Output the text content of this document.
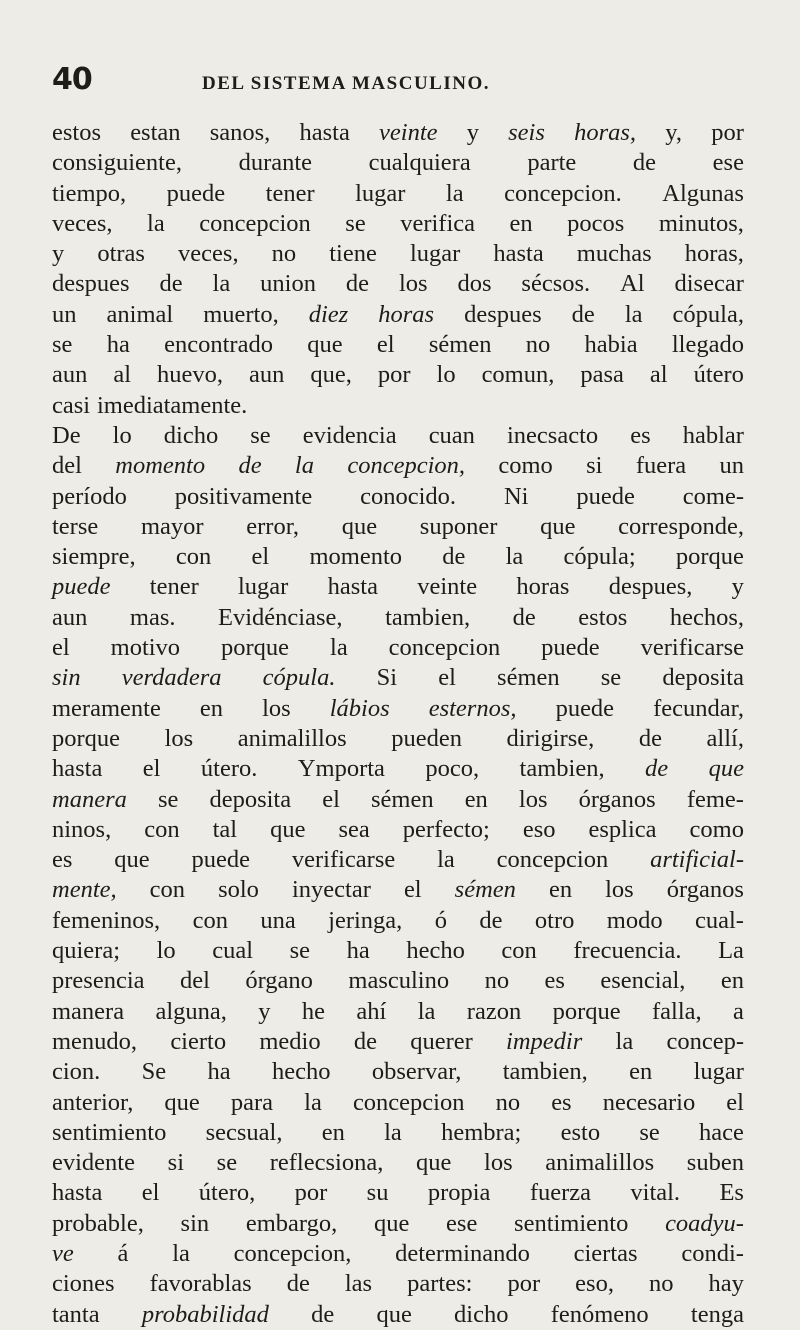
40	DEL SISTEMA MASCULINO.
estos estan sanos, hasta veinte y seis horas, y, por
consiguiente, durante cualquiera parte de ese
tiempo, puede tener lugar la concepcion. Algunas
veces, la concepcion se verifica en pocos minutos,
y otras veces, no tiene lugar hasta muchas horas,
despues de la union de los dos sécsos. Al disecar
un animal muerto, diez horas despues de la cópula,
se ha encontrado que el sémen no habia llegado
aun al huevo, aun que, por lo comun, pasa al útero
casi imediatamente.
De lo dicho se evidencia cuan inecsacto es hablar
del momento de la concepcion, como si fuera un
período positivamente conocido. Ni puede come-
terse mayor error, que suponer que corresponde,
siempre, con el momento de la cópula; porque
puede tener lugar hasta veinte horas despues, y
aun mas. Evidénciase, tambien, de estos hechos,
el motivo porque la concepcion puede verificarse
sin verdadera cópula. Si el sémen se deposita
meramente en los lábios esternos, puede fecundar,
porque los animalillos pueden dirigirse, de allí,
hasta el útero. Ymporta poco, tambien, de que
manera se deposita el sémen en los órganos feme-
ninos, con tal que sea perfecto; eso esplica como
es que puede verificarse la concepcion artificial-
mente, con solo inyectar el sémen en los órganos
femeninos, con una jeringa, ó de otro modo cual-
quiera; lo cual se ha hecho con frecuencia. La
presencia del órgano masculino no es esencial, en
manera alguna, y he ahí la razon porque falla, a
menudo, cierto medio de querer impedir la concep-
cion. Se ha hecho observar, tambien, en lugar
anterior, que para la concepcion no es necesario el
sentimiento secsual, en la hembra; esto se hace
evidente si se reflecsiona, que los animalillos suben
hasta el útero, por su propia fuerza vital. Es
probable, sin embargo, que ese sentimiento coadyu-
ve á la concepcion, determinando ciertas condi-
ciones favorablas de las partes: por eso, no hay
tanta probabilidad de que dicho fenómeno tenga
